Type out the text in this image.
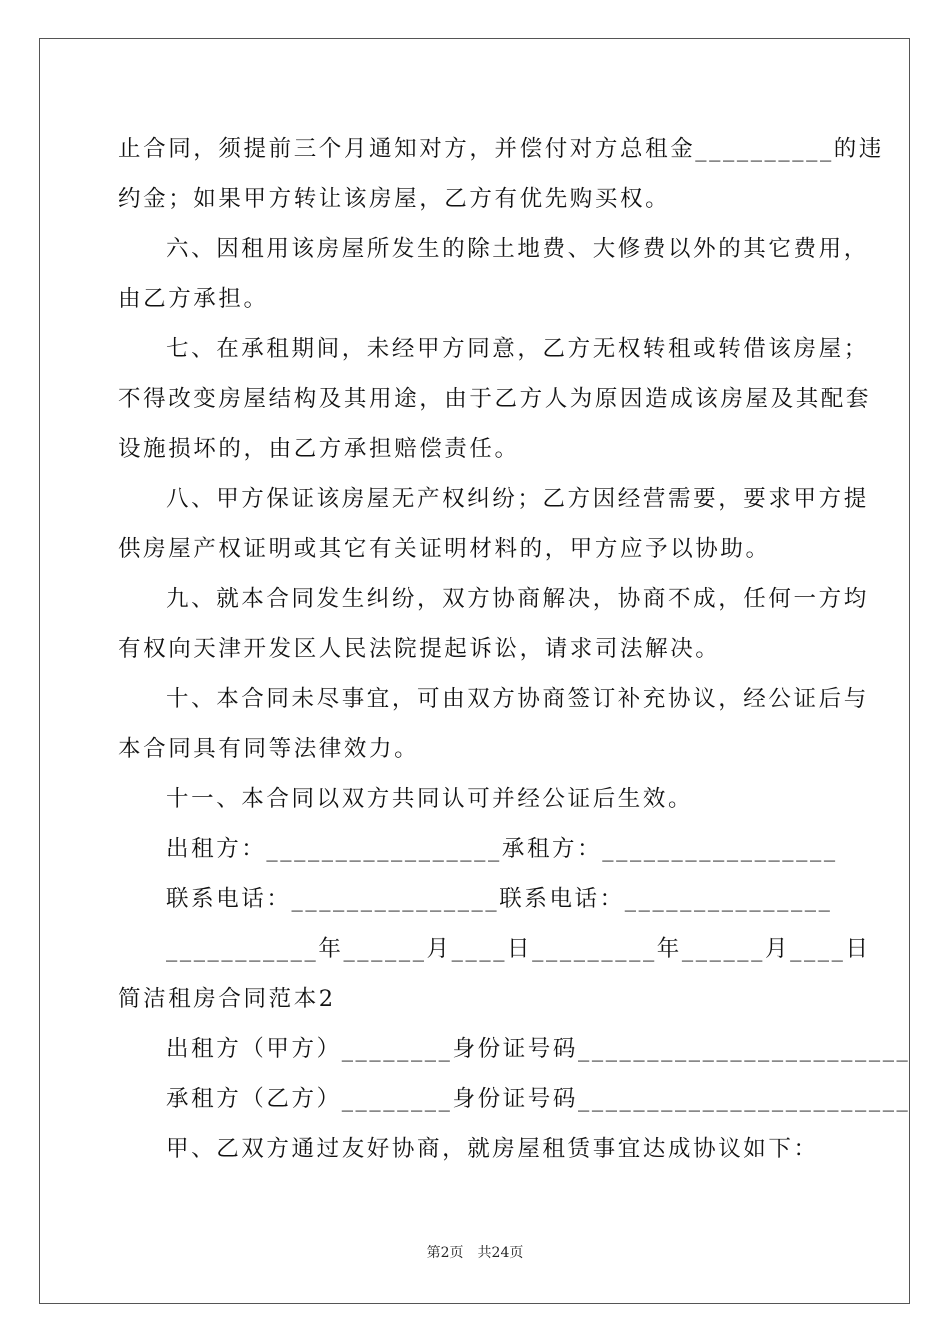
止合同，须提前三个月通知对方，并偿付对方总租金__________的违
约金；如果甲方转让该房屋，乙方有优先购买权。
六、因租用该房屋所发生的除土地费、大修费以外的其它费用，
由乙方承担。
七、在承租期间，未经甲方同意，乙方无权转租或转借该房屋；
不得改变房屋结构及其用途，由于乙方人为原因造成该房屋及其配套
设施损坏的，由乙方承担赔偿责任。
八、甲方保证该房屋无产权纠纷；乙方因经营需要，要求甲方提
供房屋产权证明或其它有关证明材料的，甲方应予以协助。
九、就本合同发生纠纷，双方协商解决，协商不成，任何一方均
有权向天津开发区人民法院提起诉讼，请求司法解决。
十、本合同未尽事宜，可由双方协商签订补充协议，经公证后与
本合同具有同等法律效力。
十一、本合同以双方共同认可并经公证后生效。
出租方：_________________承租方：_________________
联系电话：_______________联系电话：_______________
___________年______月____日_________年______月____日
简洁租房合同范本2
出租方（甲方）________身份证号码________________________
承租方（乙方）________身份证号码________________________
甲、乙双方通过友好协商，就房屋租赁事宜达成协议如下：
第2页　共24页
